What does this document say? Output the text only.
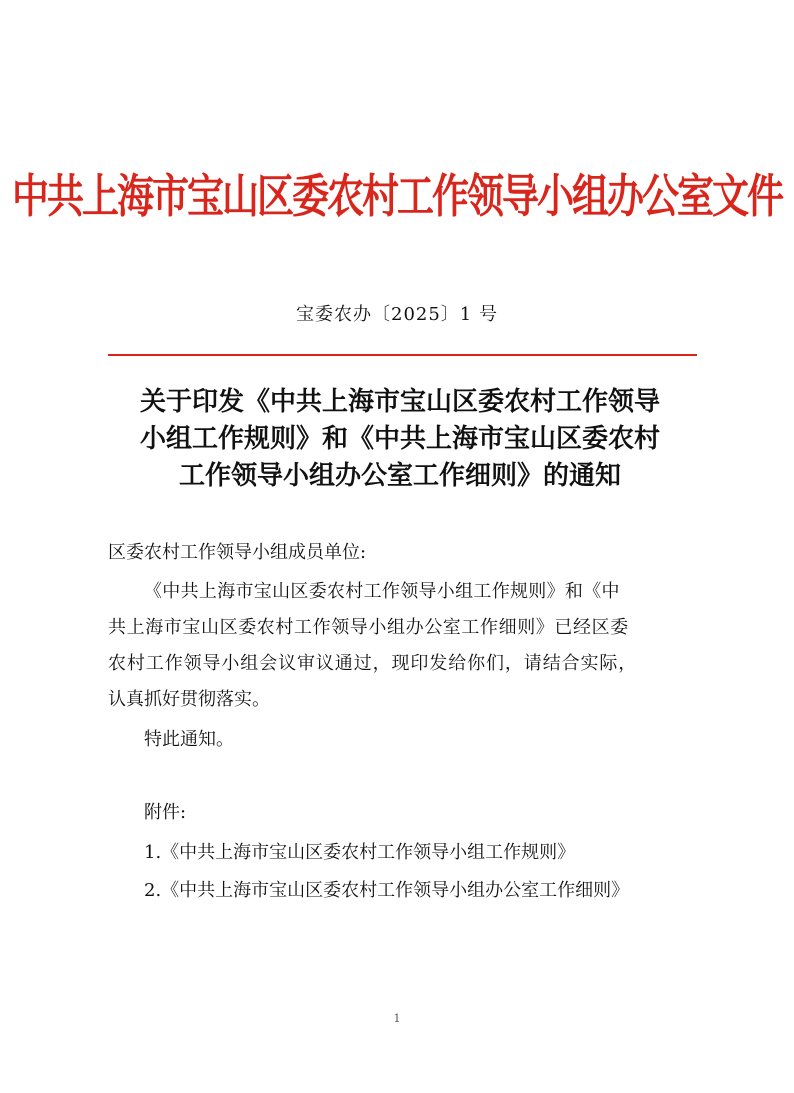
中共上海市宝山区委农村工作领导小组办公室文件
宝委农办〔2025〕1 号
关于印发《中共上海市宝山区委农村工作领导
小组工作规则》和《中共上海市宝山区委农村
工作领导小组办公室工作细则》的通知
区委农村工作领导小组成员单位:
《中共上海市宝山区委农村工作领导小组工作规则》和《中
共上海市宝山区委农村工作领导小组办公室工作细则》已经区委
农村工作领导小组会议审议通过，现印发给你们，请结合实际，
认真抓好贯彻落实。
特此通知。
附件:
1.《中共上海市宝山区委农村工作领导小组工作规则》
2.《中共上海市宝山区委农村工作领导小组办公室工作细则》
1
